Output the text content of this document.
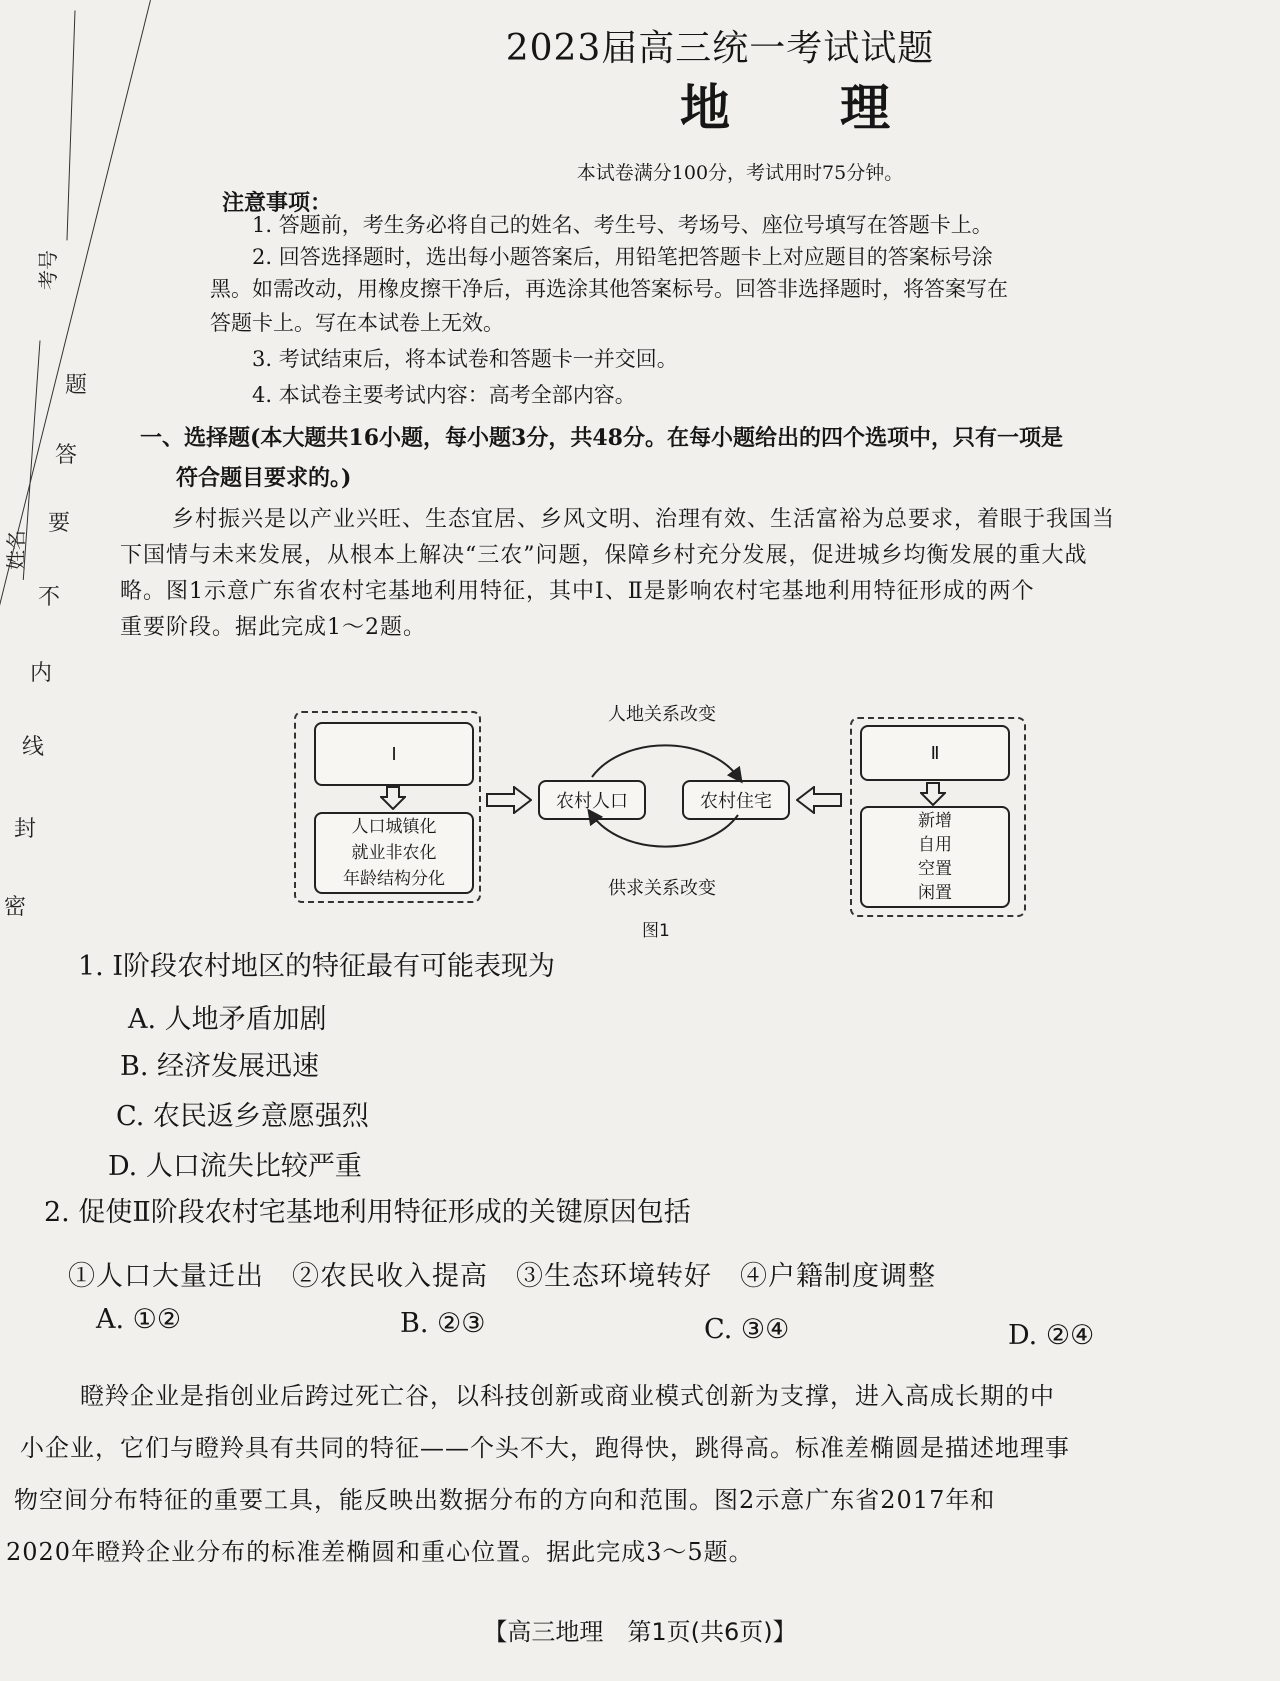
考号
姓名
题
答
要
不
内
线
封
密
2023届高三统一考试试题
地理
本试卷满分100分，考试用时75分钟。
注意事项：
1. 答题前，考生务必将自己的姓名、考生号、考场号、座位号填写在答题卡上。
2. 回答选择题时，选出每小题答案后，用铅笔把答题卡上对应题目的答案标号涂
黑。如需改动，用橡皮擦干净后，再选涂其他答案标号。回答非选择题时，将答案写在
答题卡上。写在本试卷上无效。
3. 考试结束后，将本试卷和答题卡一并交回。
4. 本试卷主要考试内容：高考全部内容。
一、选择题(本大题共16小题，每小题3分，共48分。在每小题给出的四个选项中，只有一项是
符合题目要求的。)
乡村振兴是以产业兴旺、生态宜居、乡风文明、治理有效、生活富裕为总要求，着眼于我国当
下国情与未来发展，从根本上解决“三农”问题，保障乡村充分发展，促进城乡均衡发展的重大战
略。图1示意广东省农村宅基地利用特征，其中Ⅰ、Ⅱ是影响农村宅基地利用特征形成的两个
重要阶段。据此完成1～2题。
Ⅰ
人口城镇化
就业非农化
年龄结构分化
农村人口	农村住宅
人地关系改变
供求关系改变
Ⅱ
新增
自用
空置
闲置
图1
1. Ⅰ阶段农村地区的特征最有可能表现为
A. 人地矛盾加剧
B. 经济发展迅速
C. 农民返乡意愿强烈
D. 人口流失比较严重
2. 促使Ⅱ阶段农村宅基地利用特征形成的关键原因包括
①人口大量迁出　②农民收入提高　③生态环境转好　④户籍制度调整
A. ①②	B. ②③	C. ③④	D. ②④
瞪羚企业是指创业后跨过死亡谷，以科技创新或商业模式创新为支撑，进入高成长期的中
小企业，它们与瞪羚具有共同的特征——个头不大，跑得快，跳得高。标准差椭圆是描述地理事
物空间分布特征的重要工具，能反映出数据分布的方向和范围。图2示意广东省2017年和
2020年瞪羚企业分布的标准差椭圆和重心位置。据此完成3～5题。
【高三地理　第1页(共6页)】
